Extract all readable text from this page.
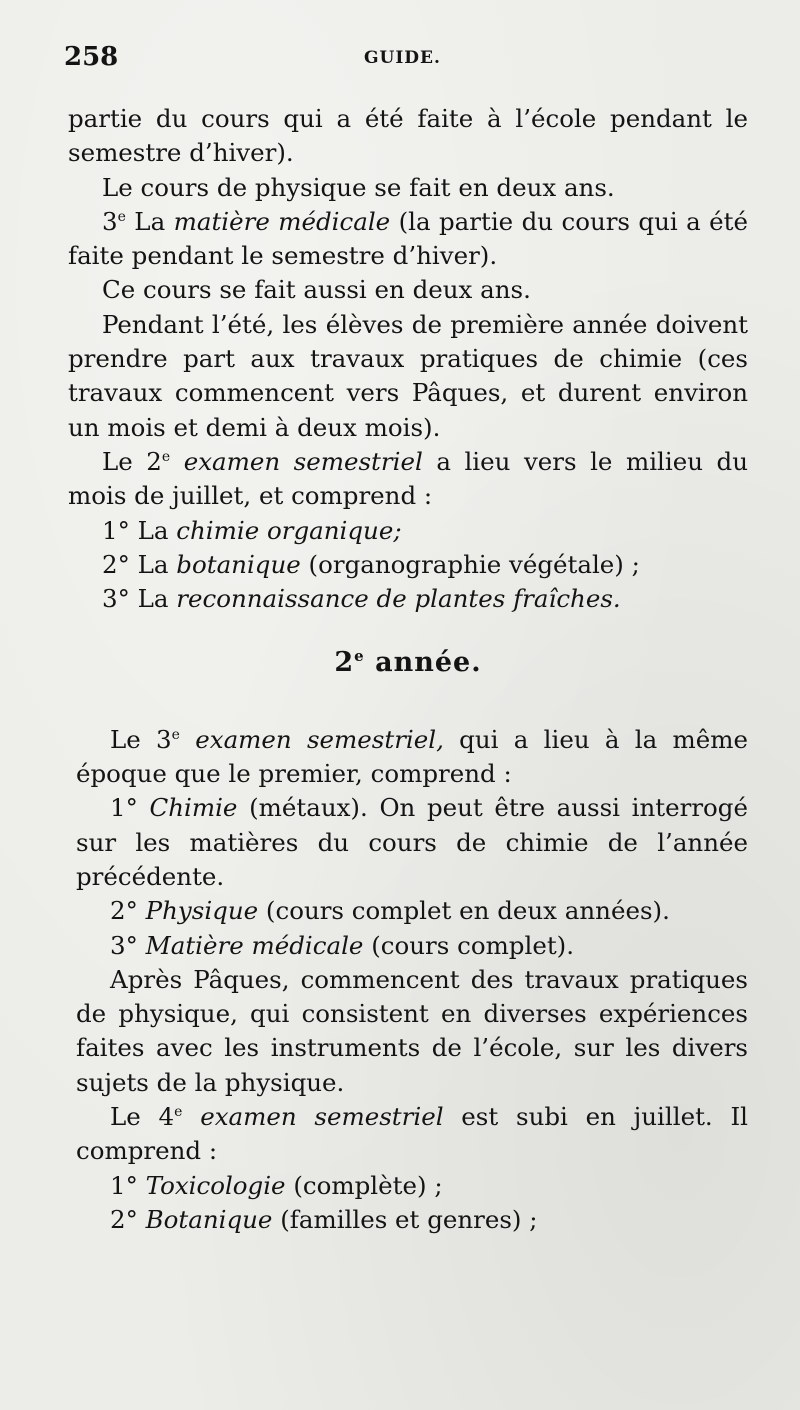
258	GUIDE.

partie du cours qui a été faite à l’école pendant le semestre d’hiver).

Le cours de physique se fait en deux ans.

3e La matière médicale (la partie du cours qui a été faite pendant le semestre d’hiver).

Ce cours se fait aussi en deux ans.

Pendant l’été, les élèves de première année doivent prendre part aux travaux pratiques de chimie (ces travaux commencent vers Pâques, et durent environ un mois et demi à deux mois).

Le 2e examen semestriel a lieu vers le milieu du mois de juillet, et comprend :

1° La chimie organique;

2° La botanique (organographie végétale) ;

3° La reconnaissance de plantes fraîches.

2e année.

Le 3e examen semestriel, qui a lieu à la même époque que le premier, comprend :

1° Chimie (métaux). On peut être aussi interrogé sur les matières du cours de chimie de l’année précédente.

2° Physique (cours complet en deux années).

3° Matière médicale (cours complet).

Après Pâques, commencent des travaux pratiques de physique, qui consistent en diverses expériences faites avec les instruments de l’école, sur les divers sujets de la physique.

Le 4e examen semestriel est subi en juillet. Il comprend :

1° Toxicologie (complète) ;

2° Botanique (familles et genres) ;
